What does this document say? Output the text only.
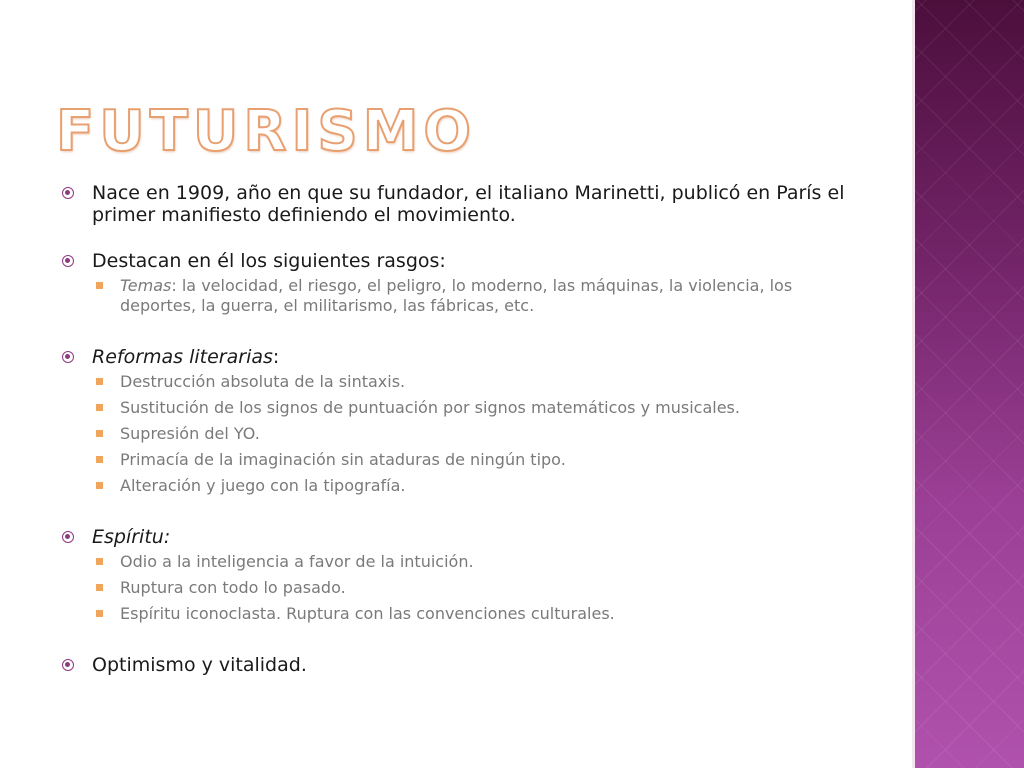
FUTURISMO
Nace en 1909, año en que su fundador, el italiano Marinetti, publicó en París el primer manifiesto definiendo el movimiento.
Destacan en él los siguientes rasgos:
Temas: la velocidad, el riesgo, el peligro, lo moderno, las máquinas, la violencia, los deportes, la guerra, el militarismo, las fábricas, etc.
Reformas literarias:
Destrucción absoluta de la sintaxis.
Sustitución de los signos de puntuación por signos matemáticos y musicales.
Supresión del YO.
Primacía de la imaginación sin ataduras de ningún tipo.
Alteración y juego con la tipografía.
Espíritu:
Odio a la inteligencia a favor de la intuición.
Ruptura con todo lo pasado.
Espíritu iconoclasta. Ruptura con las convenciones culturales.
Optimismo y vitalidad.
